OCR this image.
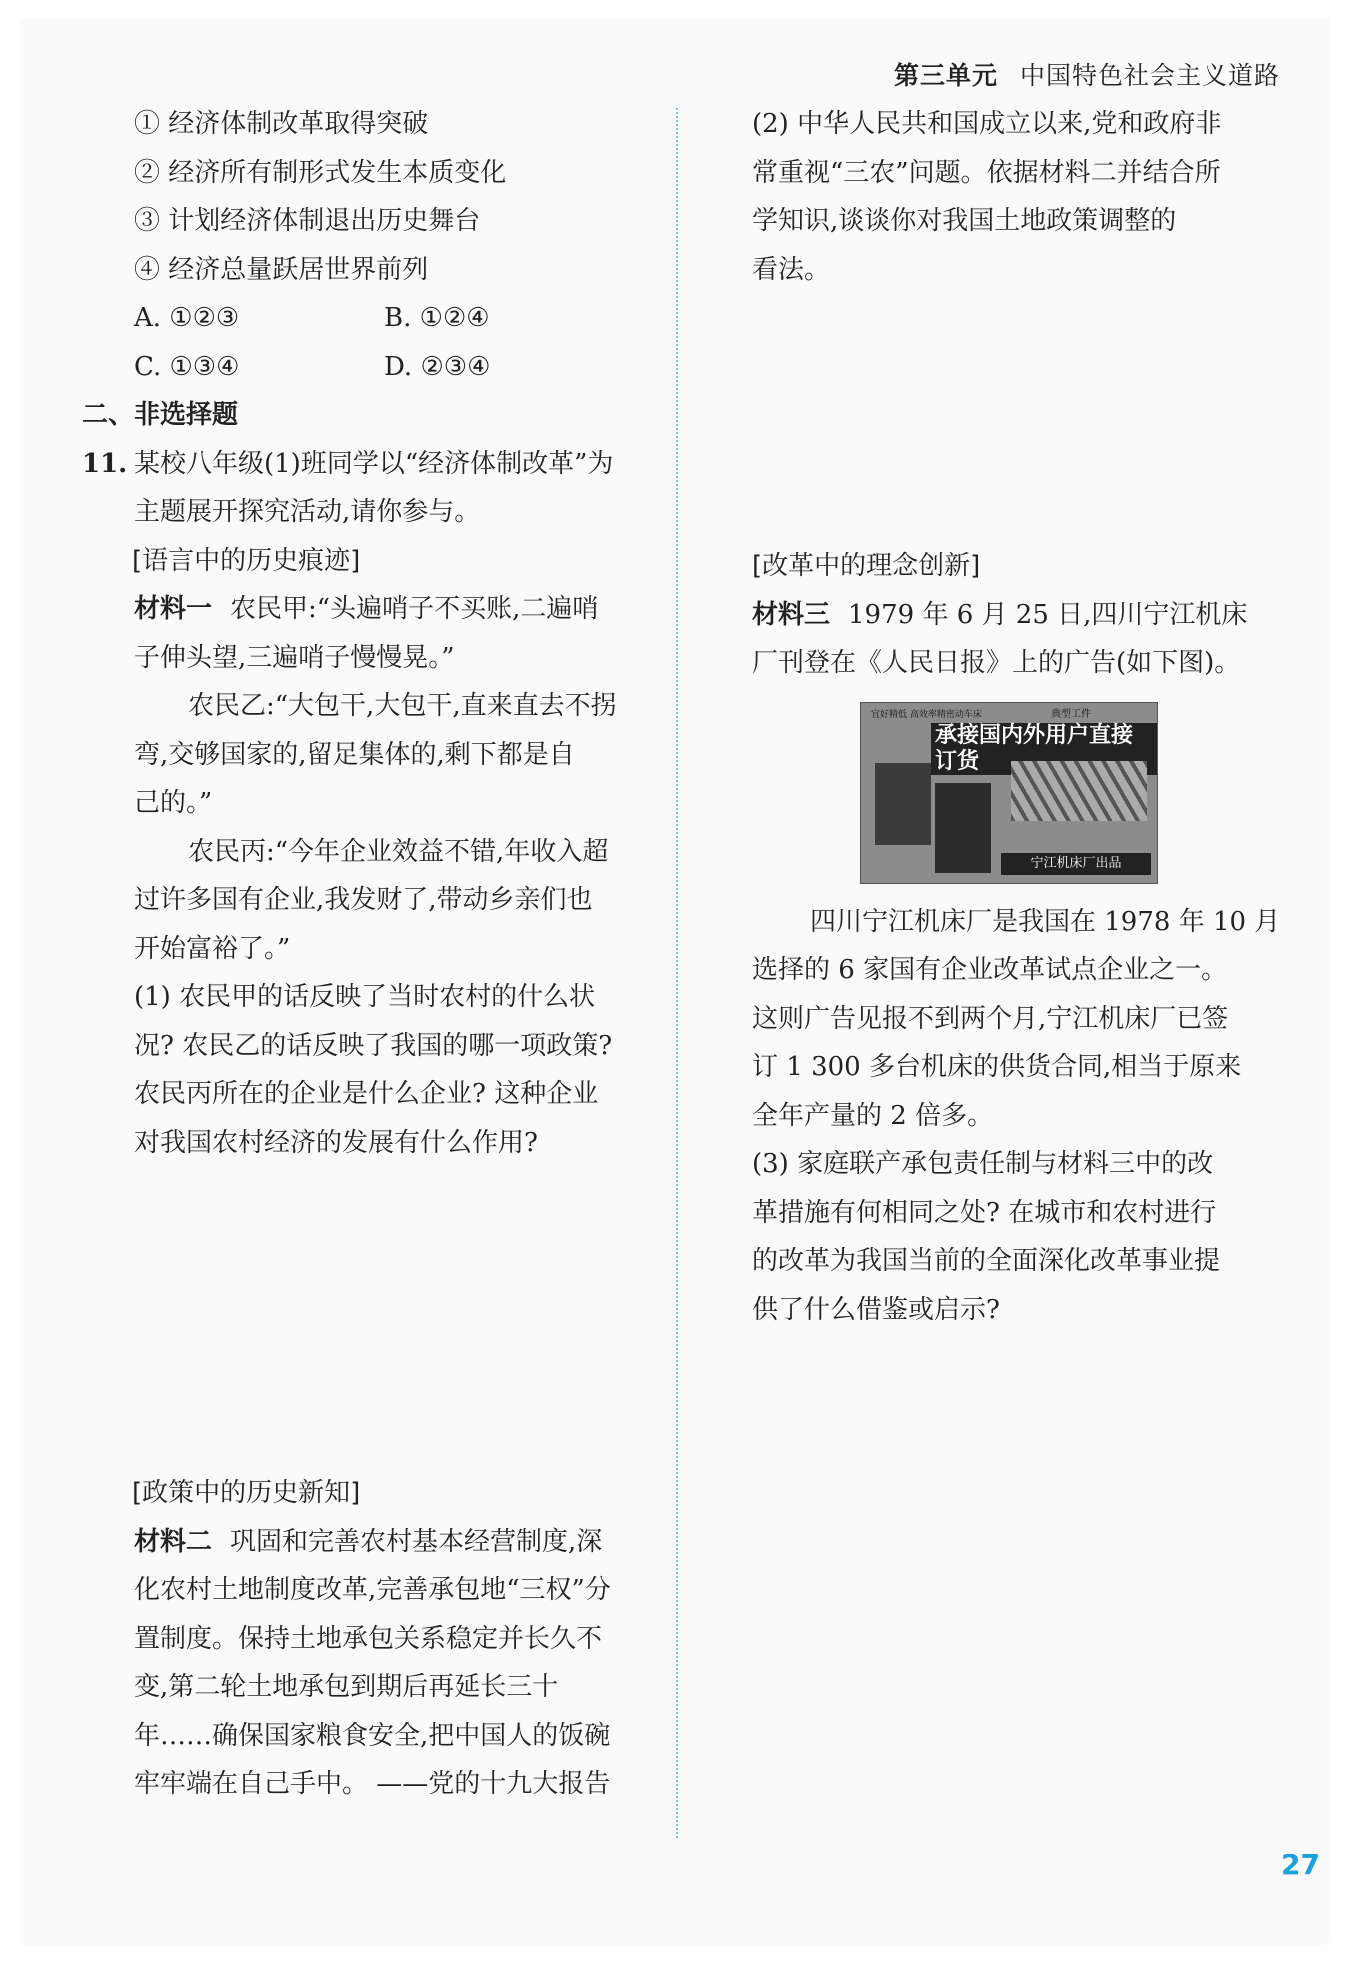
第三单元 中国特色社会主义道路
① 经济体制改革取得突破
② 经济所有制形式发生本质变化
③ 计划经济体制退出历史舞台
④ 经济总量跃居世界前列
A. ①②③	B. ①②④
C. ①③④	D. ②③④
二、非选择题
11. 某校八年级(1)班同学以“经济体制改革”为
主题展开探究活动,请你参与。
[语言中的历史痕迹]
材料一 农民甲:“头遍哨子不买账,二遍哨
子伸头望,三遍哨子慢慢晃。”
农民乙:“大包干,大包干,直来直去不拐
弯,交够国家的,留足集体的,剩下都是自
己的。”
农民丙:“今年企业效益不错,年收入超
过许多国有企业,我发财了,带动乡亲们也
开始富裕了。”
(1) 农民甲的话反映了当时农村的什么状
况? 农民乙的话反映了我国的哪一项政策?
农民丙所在的企业是什么企业? 这种企业
对我国农村经济的发展有什么作用?
[政策中的历史新知]
材料二 巩固和完善农村基本经营制度,深
化农村土地制度改革,完善承包地“三权”分
置制度。保持土地承包关系稳定并长久不
变,第二轮土地承包到期后再延长三十
年……确保国家粮食安全,把中国人的饭碗
牢牢端在自己手中。 ——党的十九大报告
(2) 中华人民共和国成立以来,党和政府非
常重视“三农”问题。依据材料二并结合所
学知识,谈谈你对我国土地政策调整的
看法。
[改革中的理念创新]
材料三 1979 年 6 月 25 日,四川宁江机床
厂刊登在《人民日报》上的广告(如下图)。
宜好精低 高效率精密动车床	典型工件
承接国内外用户直接订货
宁江机床厂出品
四川宁江机床厂是我国在 1978 年 10 月
选择的 6 家国有企业改革试点企业之一。
这则广告见报不到两个月,宁江机床厂已签
订 1 300 多台机床的供货合同,相当于原来
全年产量的 2 倍多。
(3) 家庭联产承包责任制与材料三中的改
革措施有何相同之处? 在城市和农村进行
的改革为我国当前的全面深化改革事业提
供了什么借鉴或启示?
27
